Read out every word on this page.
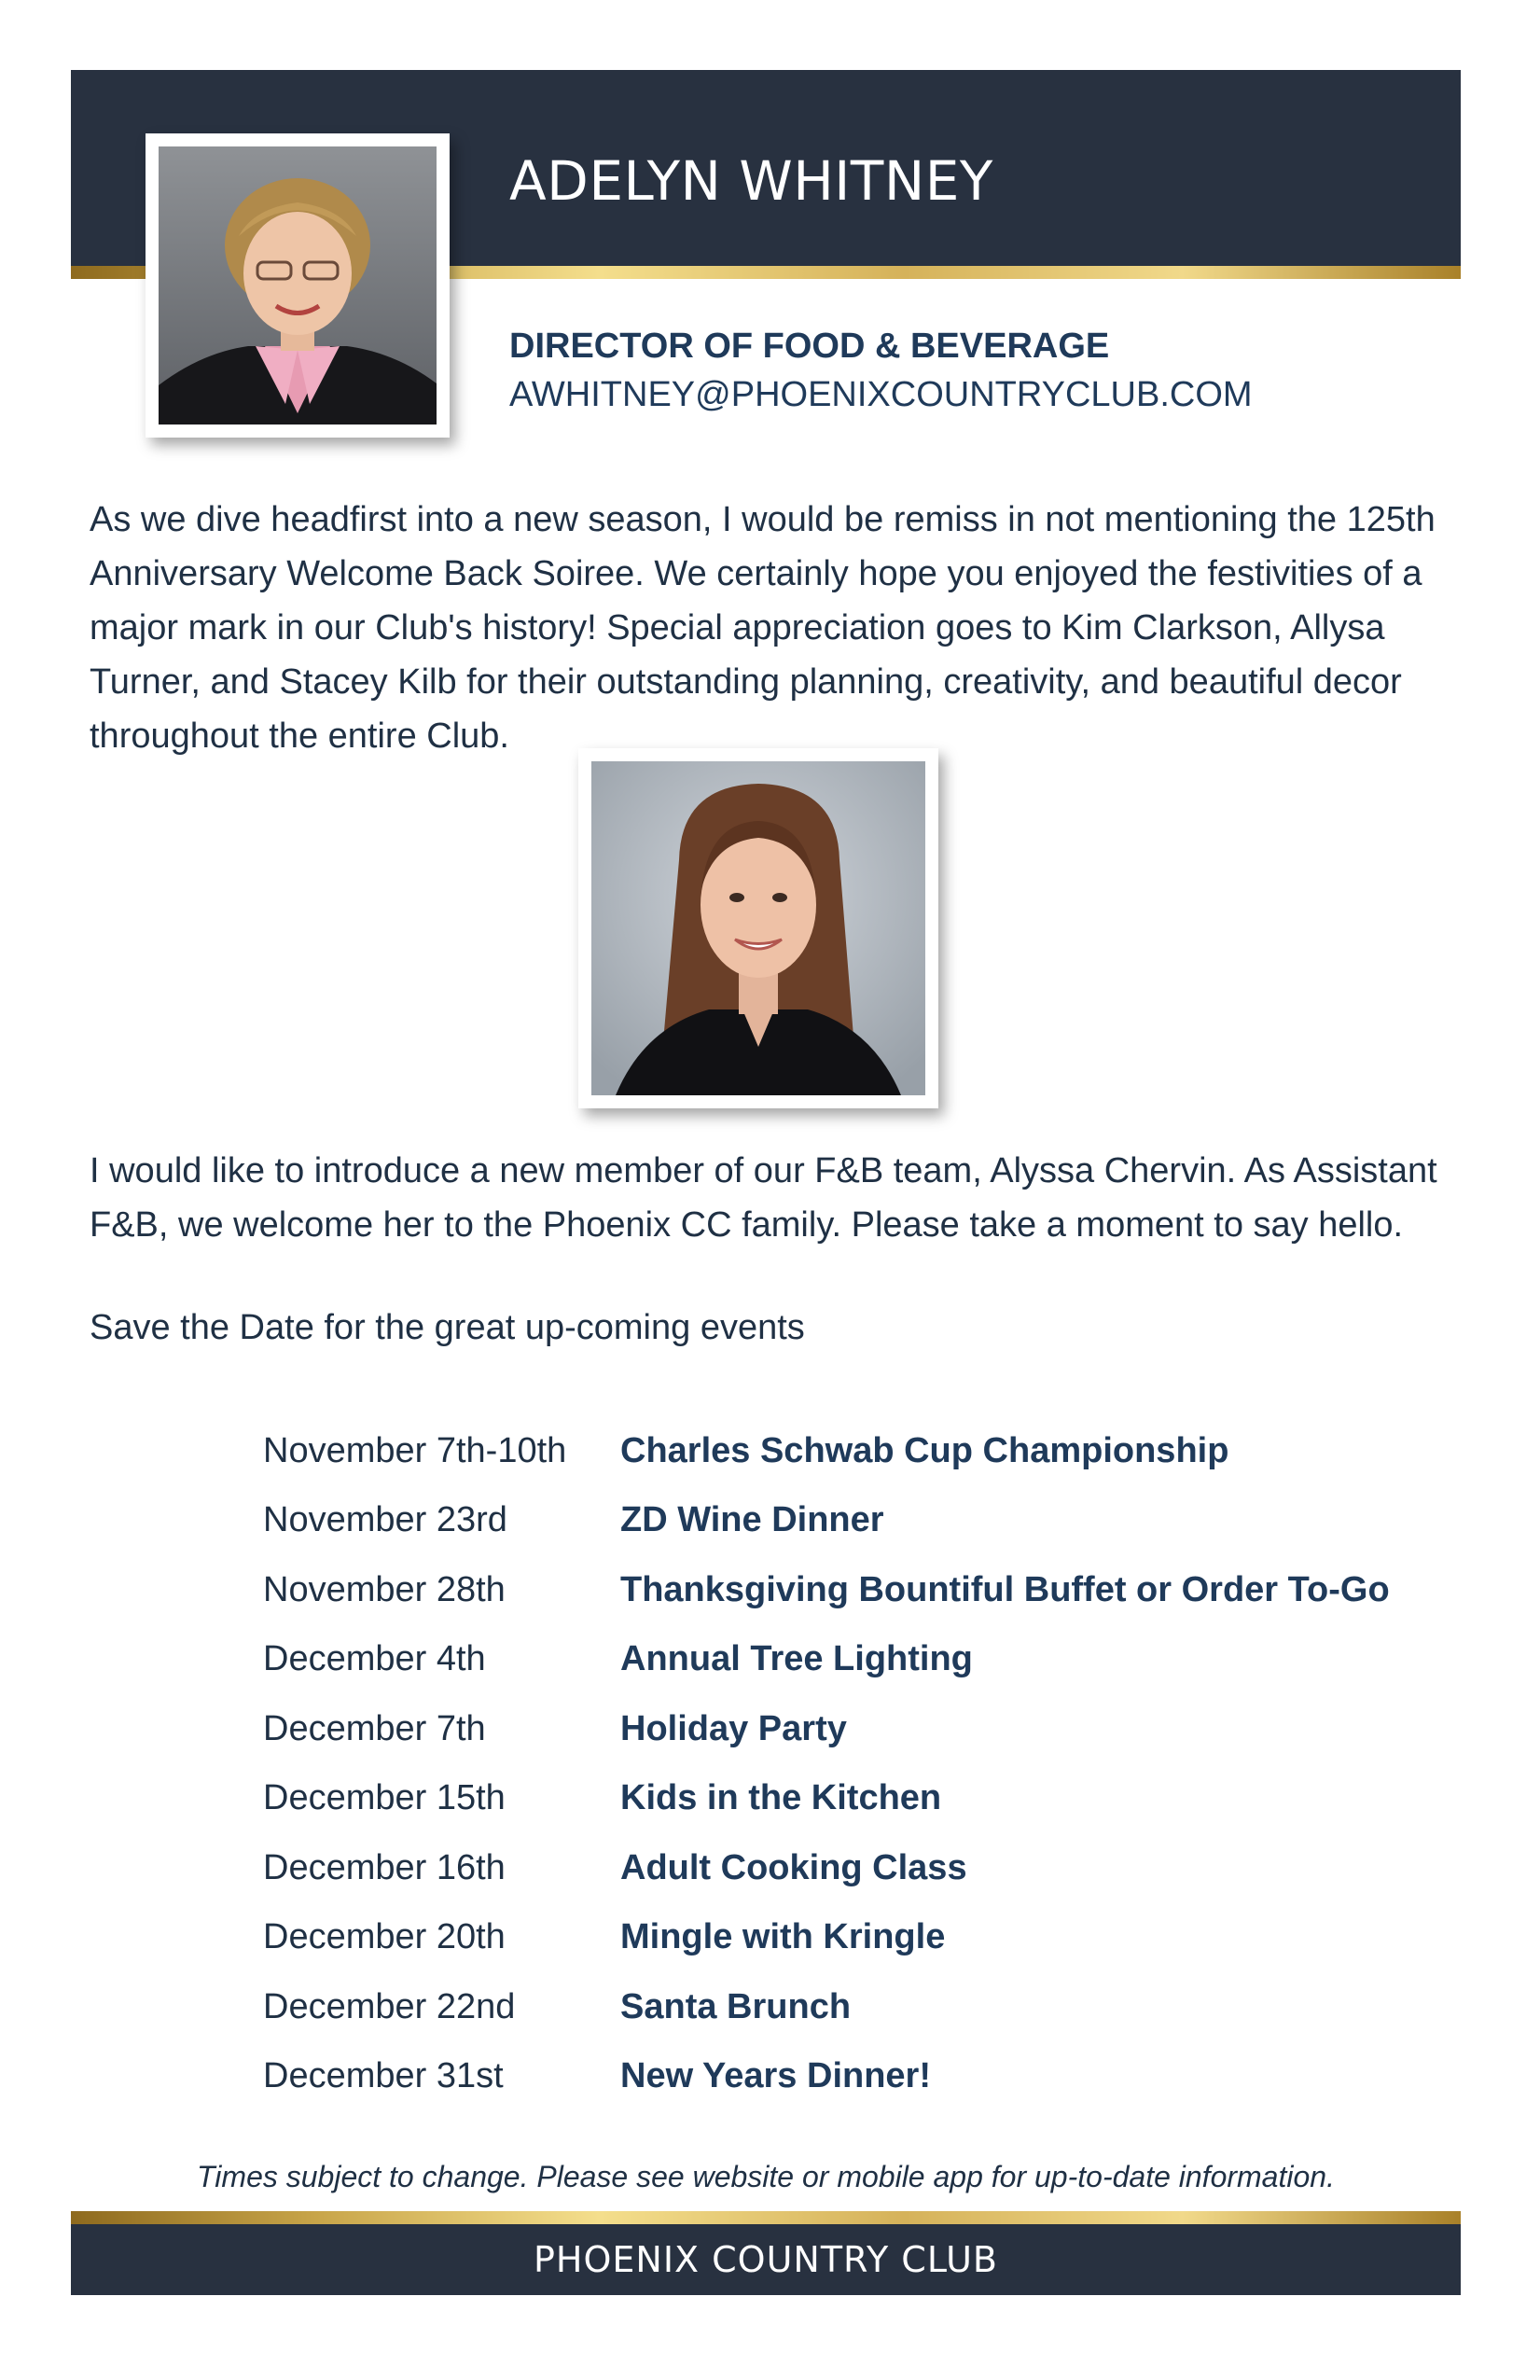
ADELYN WHITNEY
DIRECTOR OF FOOD & BEVERAGE
AWHITNEY@PHOENIXCOUNTRYCLUB.COM
As we dive headfirst into a new season, I would be remiss in not mentioning the 125th Anniversary Welcome Back Soiree. We certainly hope you enjoyed the festivities of a major mark in our Club's history! Special appreciation goes to Kim Clarkson, Allysa Turner, and Stacey Kilb for their outstanding planning, creativity, and beautiful decor throughout the entire Club.
I would like to introduce a new member of our F&B team, Alyssa Chervin. As Assistant F&B, we welcome her to the Phoenix CC family. Please take a moment to say hello.
Save the Date for the great up-coming events
November 7th-10th	Charles Schwab Cup Championship
November 23rd	ZD Wine Dinner
November 28th	Thanksgiving Bountiful Buffet or Order To-Go
December 4th	Annual Tree Lighting
December 7th	Holiday Party
December 15th	Kids in the Kitchen
December 16th	Adult Cooking Class
December 20th	Mingle with Kringle
December 22nd	Santa Brunch
December 31st	New Years Dinner!
Times subject to change. Please see website or mobile app for up-to-date information.
PHOENIX COUNTRY CLUB
